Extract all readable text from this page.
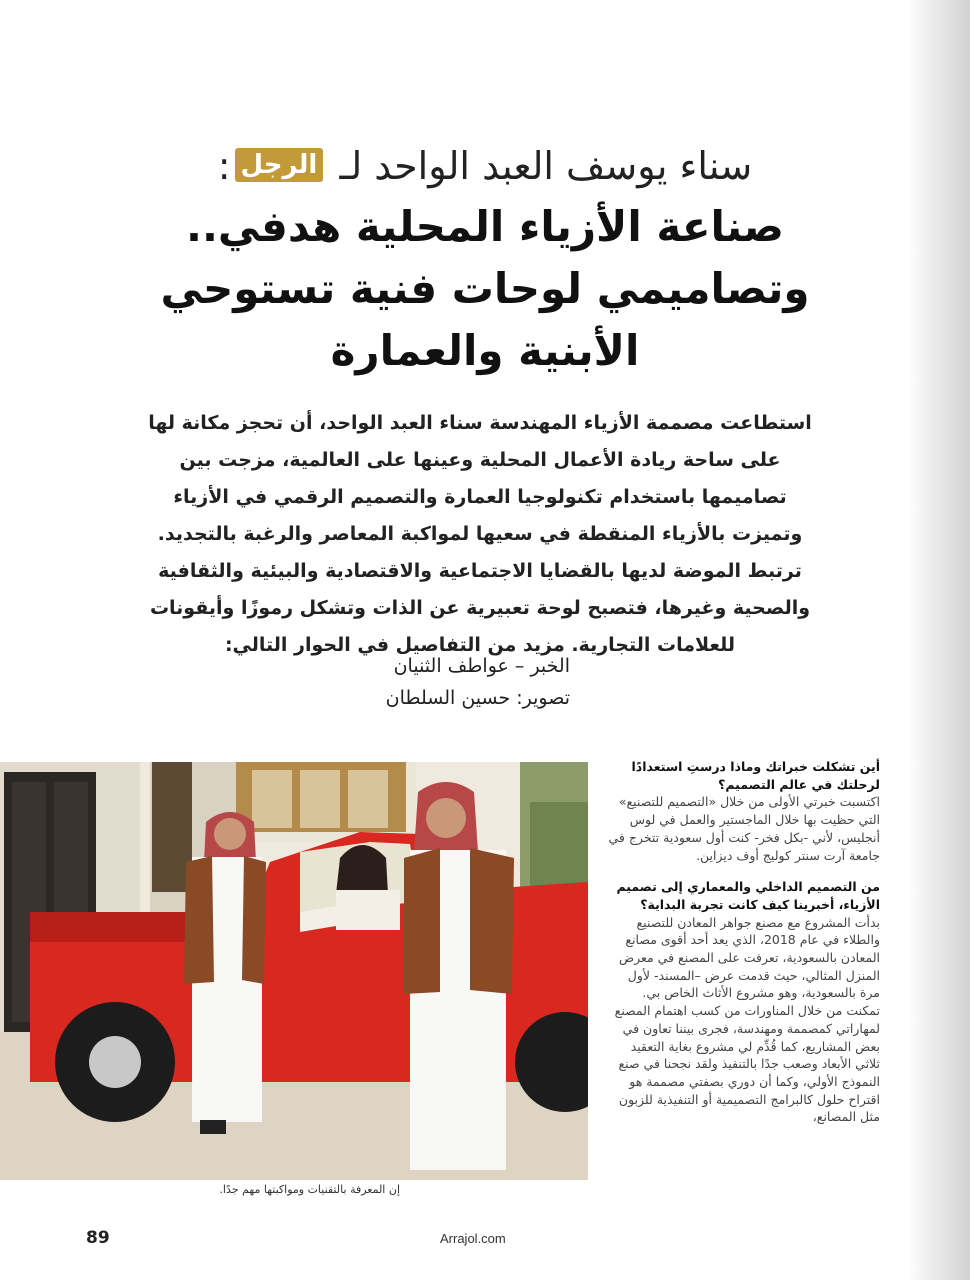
سناء يوسف العبد الواحد لـ الرجل:
صناعة الأزياء المحلية هدفي..
وتصاميمي لوحات فنية تستوحي
الأبنية والعمارة

استطاعت مصممة الأزياء المهندسة سناء العبد الواحد، أن تحجز مكانة لها على ساحة ريادة الأعمال المحلية وعينها على العالمية، مزجت بين تصاميمها باستخدام تكنولوجيا العمارة والتصميم الرقمي في الأزياء وتميزت بالأزياء المنقطة في سعيها لمواكبة المعاصر والرغبة بالتجديد.

ترتبط الموضة لديها بالقضايا الاجتماعية والاقتصادية والبيئية والثقافية والصحية وغيرها، فتصبح لوحة تعبيرية عن الذات وتشكل رموزًا وأيقونات للعلامات التجارية. مزيد من التفاصيل في الحوار التالي:

الخبر – عواطف الثنيان
تصوير: حسين السلطان
إن المعرفة بالتقنيات ومواكبتها مهم جدًا.

أين تشكلت خبراتك وماذا درستِ استعدادًا لرحلتك في عالم التصميم؟

اكتسبت خبرتي الأولى من خلال «التصميم للتصنيع» التي حظيت بها خلال الماجستير والعمل في لوس أنجليس، لأني -بكل فخر- كنت أول سعودية تتخرج في جامعة آرت سنتر كوليج أوف ديزاين.

من التصميم الداخلي والمعماري إلى تصميم الأزياء، أخبرينا كيف كانت تجربة البداية؟

بدأت المشروع مع مصنع جواهر المعادن للتصنيع والطلاء في عام 2018، الذي يعد أحد أقوى مصانع المعادن بالسعودية، تعرفت على المصنع في معرض المنزل المثالي، حيث قدمت عرض –المسند- لأول مرة بالسعودية، وهو مشروع الأثاث الخاص بي. تمكنت من خلال المناورات من كسب اهتمام المصنع لمهاراتي كمصممة ومهندسة، فجرى بيننا تعاون في بعض المشاريع، كما قُدِّم لي مشروع بغاية التعقيد ثلاثي الأبعاد وصعب جدًا بالتنفيذ ولقد نجحنا في صنع النموذج الأولي، وكما أن دوري بصفتي مصممة هو اقتراح حلول كالبرامج التصميمية أو التنفيذية للزبون مثل المصانع،

89	Arrajol.com
